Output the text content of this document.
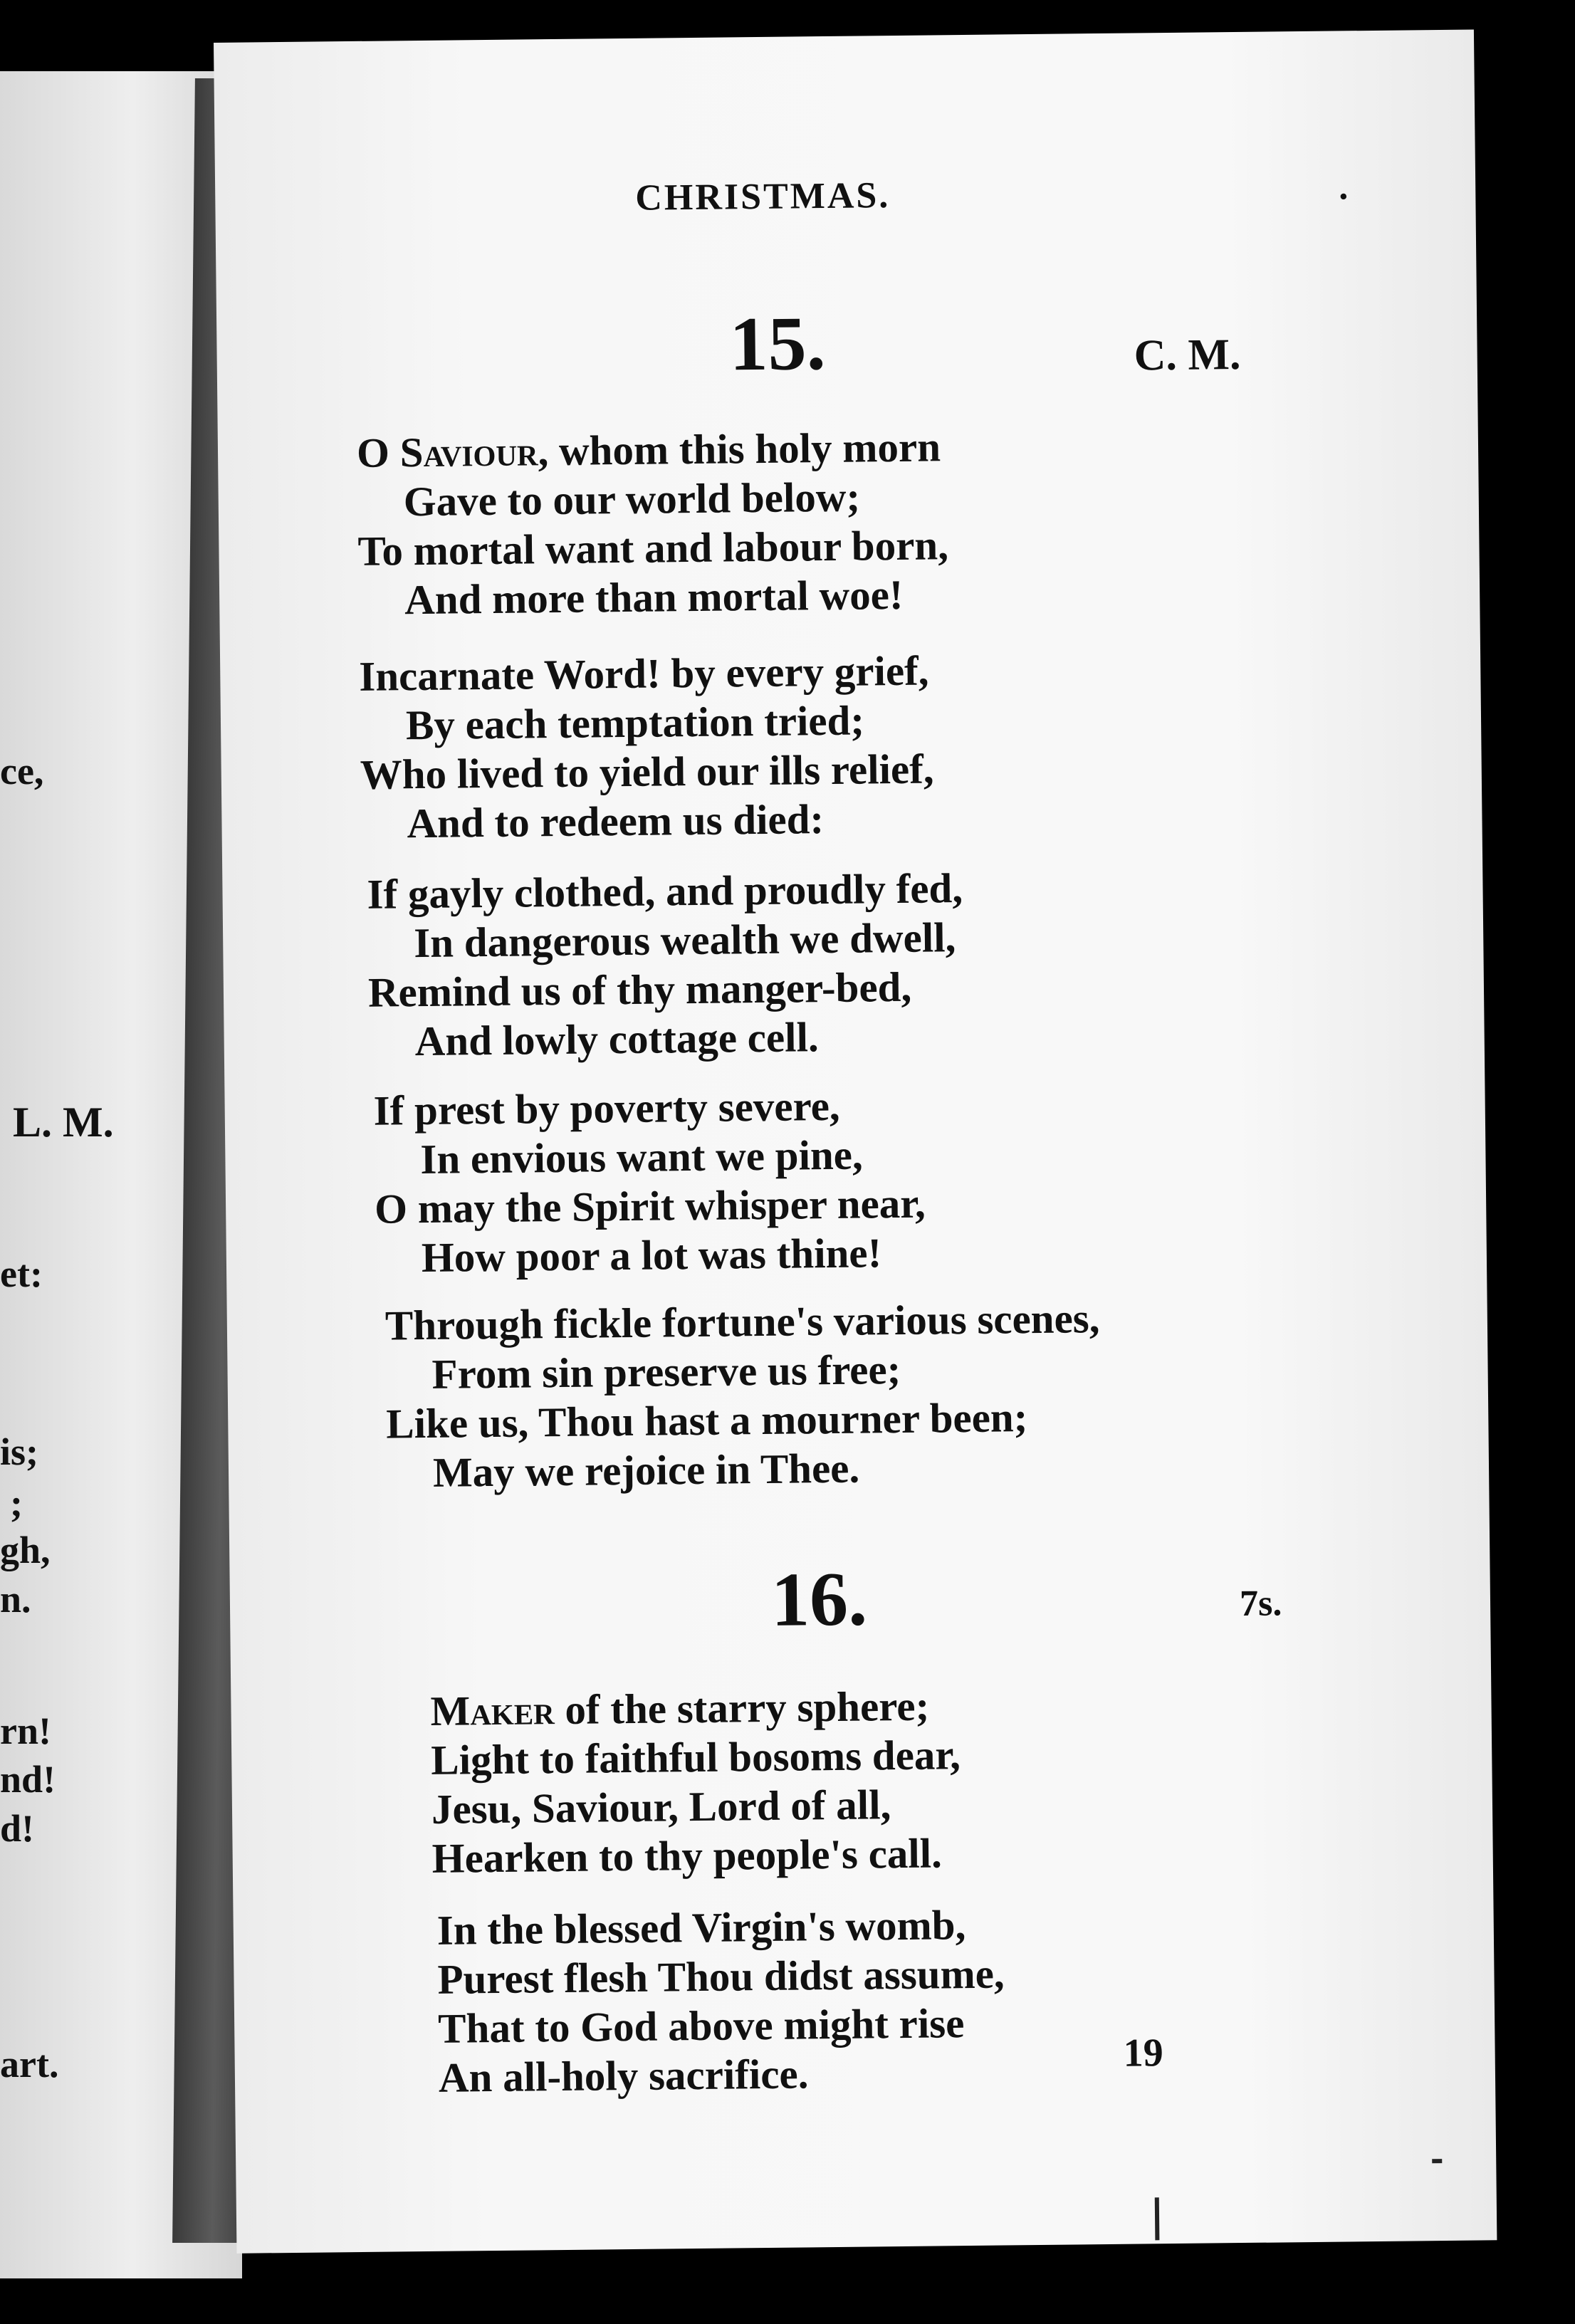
ce,
L. M.
et:
is;
;
gh,
n.
rn!
nd!
d!
art.
CHRISTMAS.	.
15.	C. M.
O Saviour, whom this holy morn
Gave to our world below;
To mortal want and labour born,
And more than mortal woe!
Incarnate Word! by every grief,
By each temptation tried;
Who lived to yield our ills relief,
And to redeem us died:
If gayly clothed, and proudly fed,
In dangerous wealth we dwell,
Remind us of thy manger-bed,
And lowly cottage cell.
If prest by poverty severe,
In envious want we pine,
O may the Spirit whisper near,
How poor a lot was thine!
Through fickle fortune's various scenes,
From sin preserve us free;
Like us, Thou hast a mourner been;
May we rejoice in Thee.
16.	7s.
Maker of the starry sphere;
Light to faithful bosoms dear,
Jesu, Saviour, Lord of all,
Hearken to thy people's call.
In the blessed Virgin's womb,
Purest flesh Thou didst assume,
That to God above might rise
An all-holy sacrifice.	19
